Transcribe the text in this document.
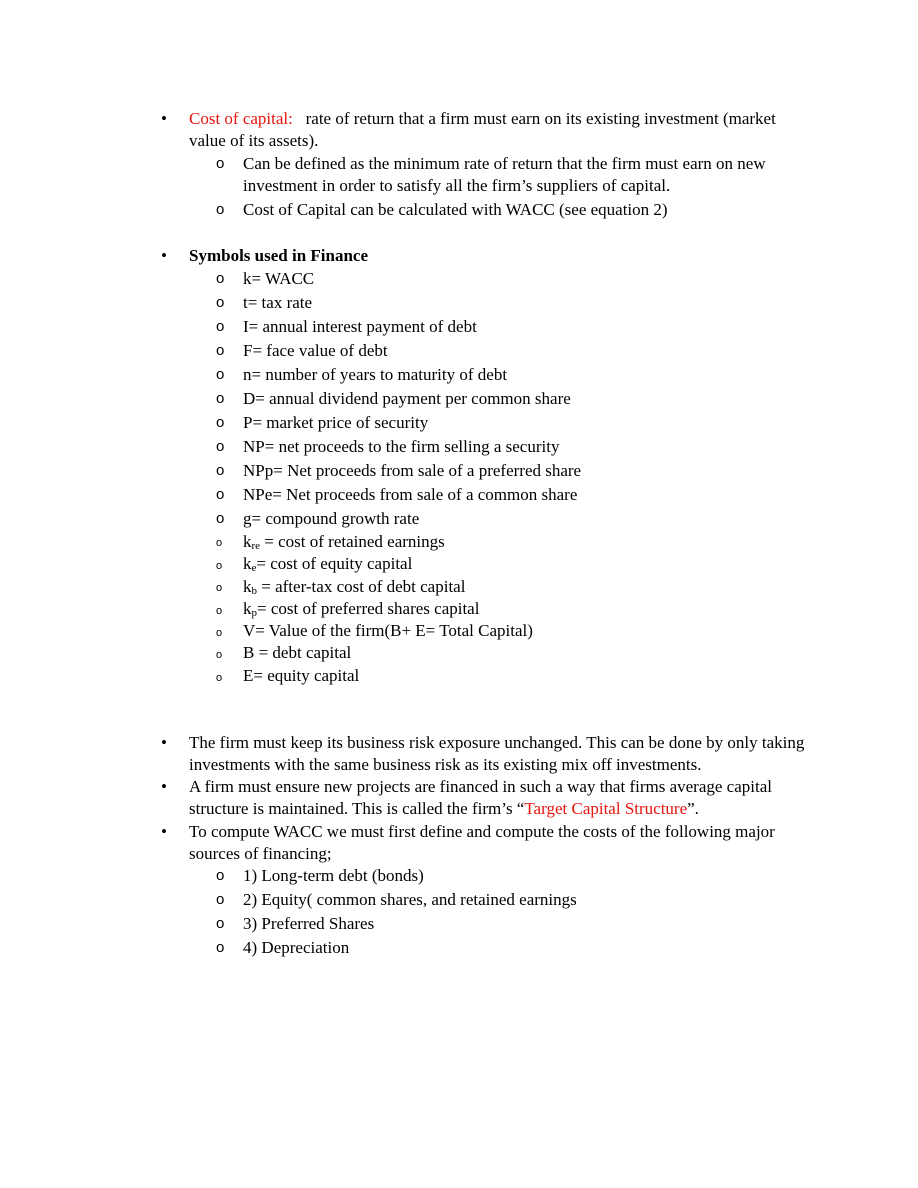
• Cost of capital: rate of return that a firm must earn on its existing investment (market value of its assets).
o Can be defined as the minimum rate of return that the firm must earn on new investment in order to satisfy all the firm’s suppliers of capital.
o Cost of Capital can be calculated with WACC (see equation 2)
• Symbols used in Finance
o k= WACC
o t= tax rate
o I= annual interest payment of debt
o F= face value of debt
o n= number of years to maturity of debt
o D= annual dividend payment per common share
o P= market price of security
o NP= net proceeds to the firm selling a security
o NPp= Net proceeds from sale of a preferred share
o NPe= Net proceeds from sale of a common share
o g= compound growth rate
o $k_{re} = \cos t$ of retained earnings
o $k_e= \cos t$ of equity capital
o $k_b$ = after-tax cost of debt capital
o $k_p= \cos t$ of preferred shares capital
o V= Value of the firm(B+ E= Total Capital)
o B = debt capital
o E= equity capital
• The firm must keep its business risk exposure unchanged. This can be done by only taking investments with the same business risk as its existing mix off investments.
• A firm must ensure new projects are financed in such a way that firms average capital structure is maintained. This is called the firm’s “Target Capital Structure”.
• To compute WACC we must first define and compute the costs of the following major sources of financing;
o 1) Long-term debt (bonds)
o 2) Equity( common shares, and retained earnings
o 3) Preferred Shares
o 4) Depreciation
